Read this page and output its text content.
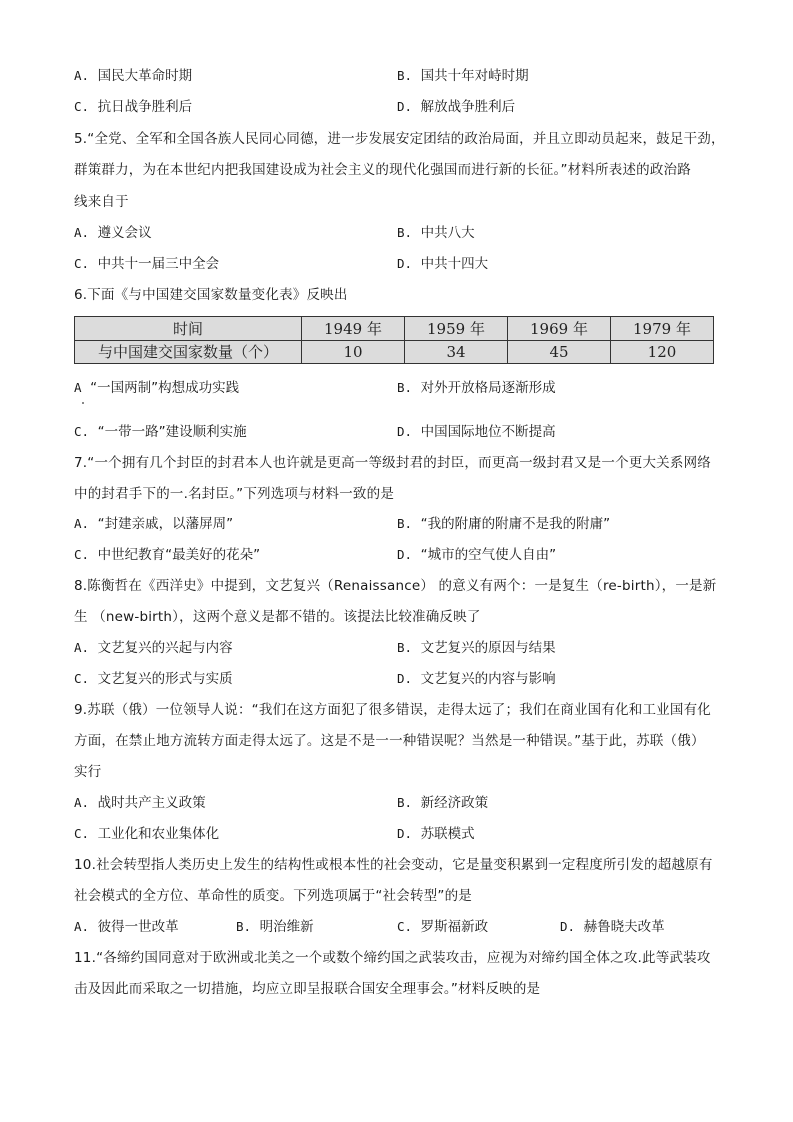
A. 国民大革命时期	B. 国共十年对峙时期
C. 抗日战争胜利后	D. 解放战争胜利后
5.“全党、全军和全国各族人民同心同德，进一步发展安定团结的政治局面，并且立即动员起来，鼓足干劲，
群策群力，为在本世纪内把我国建设成为社会主义的现代化强国而进行新的长征。”材料所表述的政治路
线来自于
A. 遵义会议	B. 中共八大
C. 中共十一届三中全会	D. 中共十四大
6.下面《与中国建交国家数量变化表》反映出
时间	1949 年	1959 年	1969 年	1979 年
与中国建交国家数量（个）	10	34	45	120
A “一国两制”构想成功实践	B. 对外开放格局逐渐形成
C. “一带一路”建设顺利实施	D. 中国国际地位不断提高
7.“一个拥有几个封臣的封君本人也许就是更高一等级封君的封臣，而更高一级封君又是一个更大关系网络
中的封君手下的一.名封臣。”下列选项与材料一致的是
A. “封建亲戚，以藩屏周”	B. “我的附庸的附庸不是我的附庸”
C. 中世纪教育“最美好的花朵”	D. “城市的空气使人自由”
8.陈衡哲在《西洋史》中提到，文艺复兴（Renaissance） 的意义有两个：一是复生（re-birth），一是新
生 （new-birth），这两个意义是都不错的。该提法比较准确反映了
A. 文艺复兴的兴起与内容	B. 文艺复兴的原因与结果
C. 文艺复兴的形式与实质	D. 文艺复兴的内容与影响
9.苏联（俄）一位领导人说：“我们在这方面犯了很多错误，走得太远了；我们在商业国有化和工业国有化
方面，在禁止地方流转方面走得太远了。这是不是一一种错误呢？当然是一种错误。”基于此，苏联（俄）
实行
A. 战时共产主义政策	B. 新经济政策
C. 工业化和农业集体化	D. 苏联模式
10.社会转型指人类历史上发生的结构性或根本性的社会变动，它是量变积累到一定程度所引发的超越原有
社会模式的全方位、革命性的质变。下列选项属于“社会转型”的是
A. 彼得一世改革	B. 明治维新	C. 罗斯福新政	D. 赫鲁晓夫改革
11.“各缔约国同意对于欧洲或北美之一个或数个缔约国之武装攻击，应视为对缔约国全体之攻.此等武装攻
击及因此而采取之一切措施，均应立即呈报联合国安全理事会。”材料反映的是
